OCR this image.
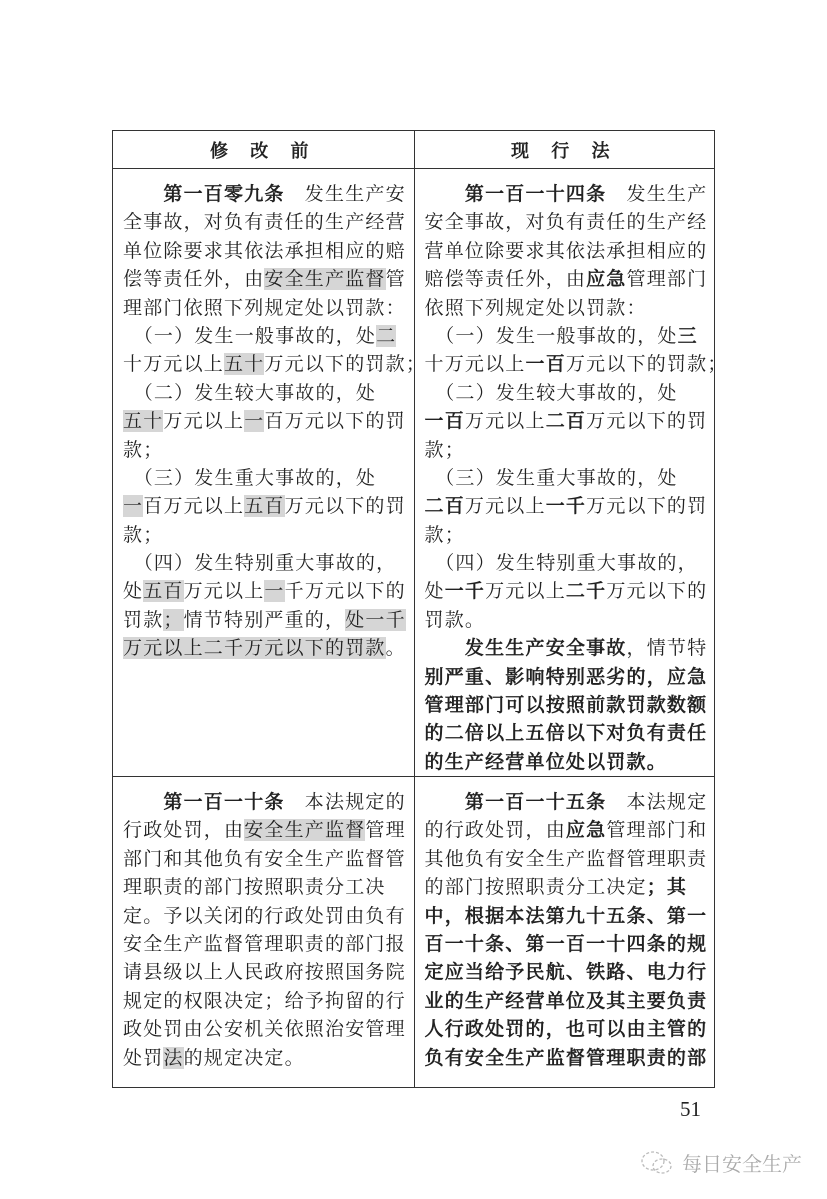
修 改 前	现 行 法
　　第一百零九条　发生生产安
全事故，对负有责任的生产经营
单位除要求其依法承担相应的赔
偿等责任外，由安全生产监督管
理部门依照下列规定处以罚款：
　（一）发生一般事故的，处二
十万元以上五十万元以下的罚款；
　（二）发生较大事故的，处
五十万元以上一百万元以下的罚
款；
　（三）发生重大事故的，处
一百万元以上五百万元以下的罚
款；
　（四）发生特别重大事故的，
处五百万元以上一千万元以下的
罚款；情节特别严重的，处一千
万元以上二千万元以下的罚款。
　　第一百一十四条　发生生产
安全事故，对负有责任的生产经
营单位除要求其依法承担相应的
赔偿等责任外，由应急管理部门
依照下列规定处以罚款：
　（一）发生一般事故的，处三
十万元以上一百万元以下的罚款；
　（二）发生较大事故的，处
一百万元以上二百万元以下的罚
款；
　（三）发生重大事故的，处
二百万元以上一千万元以下的罚
款；
　（四）发生特别重大事故的，
处一千万元以上二千万元以下的
罚款。
　　发生生产安全事故，情节特
别严重、影响特别恶劣的，应急
管理部门可以按照前款罚款数额
的二倍以上五倍以下对负有责任
的生产经营单位处以罚款。
　　第一百一十条　本法规定的
行政处罚，由安全生产监督管理
部门和其他负有安全生产监督管
理职责的部门按照职责分工决
定。予以关闭的行政处罚由负有
安全生产监督管理职责的部门报
请县级以上人民政府按照国务院
规定的权限决定；给予拘留的行
政处罚由公安机关依照治安管理
处罚法的规定决定。
　　第一百一十五条　本法规定
的行政处罚，由应急管理部门和
其他负有安全生产监督管理职责
的部门按照职责分工决定；其
中，根据本法第九十五条、第一
百一十条、第一百一十四条的规
定应当给予民航、铁路、电力行
业的生产经营单位及其主要负责
人行政处罚的，也可以由主管的
负有安全生产监督管理职责的部
51
每日安全生产
